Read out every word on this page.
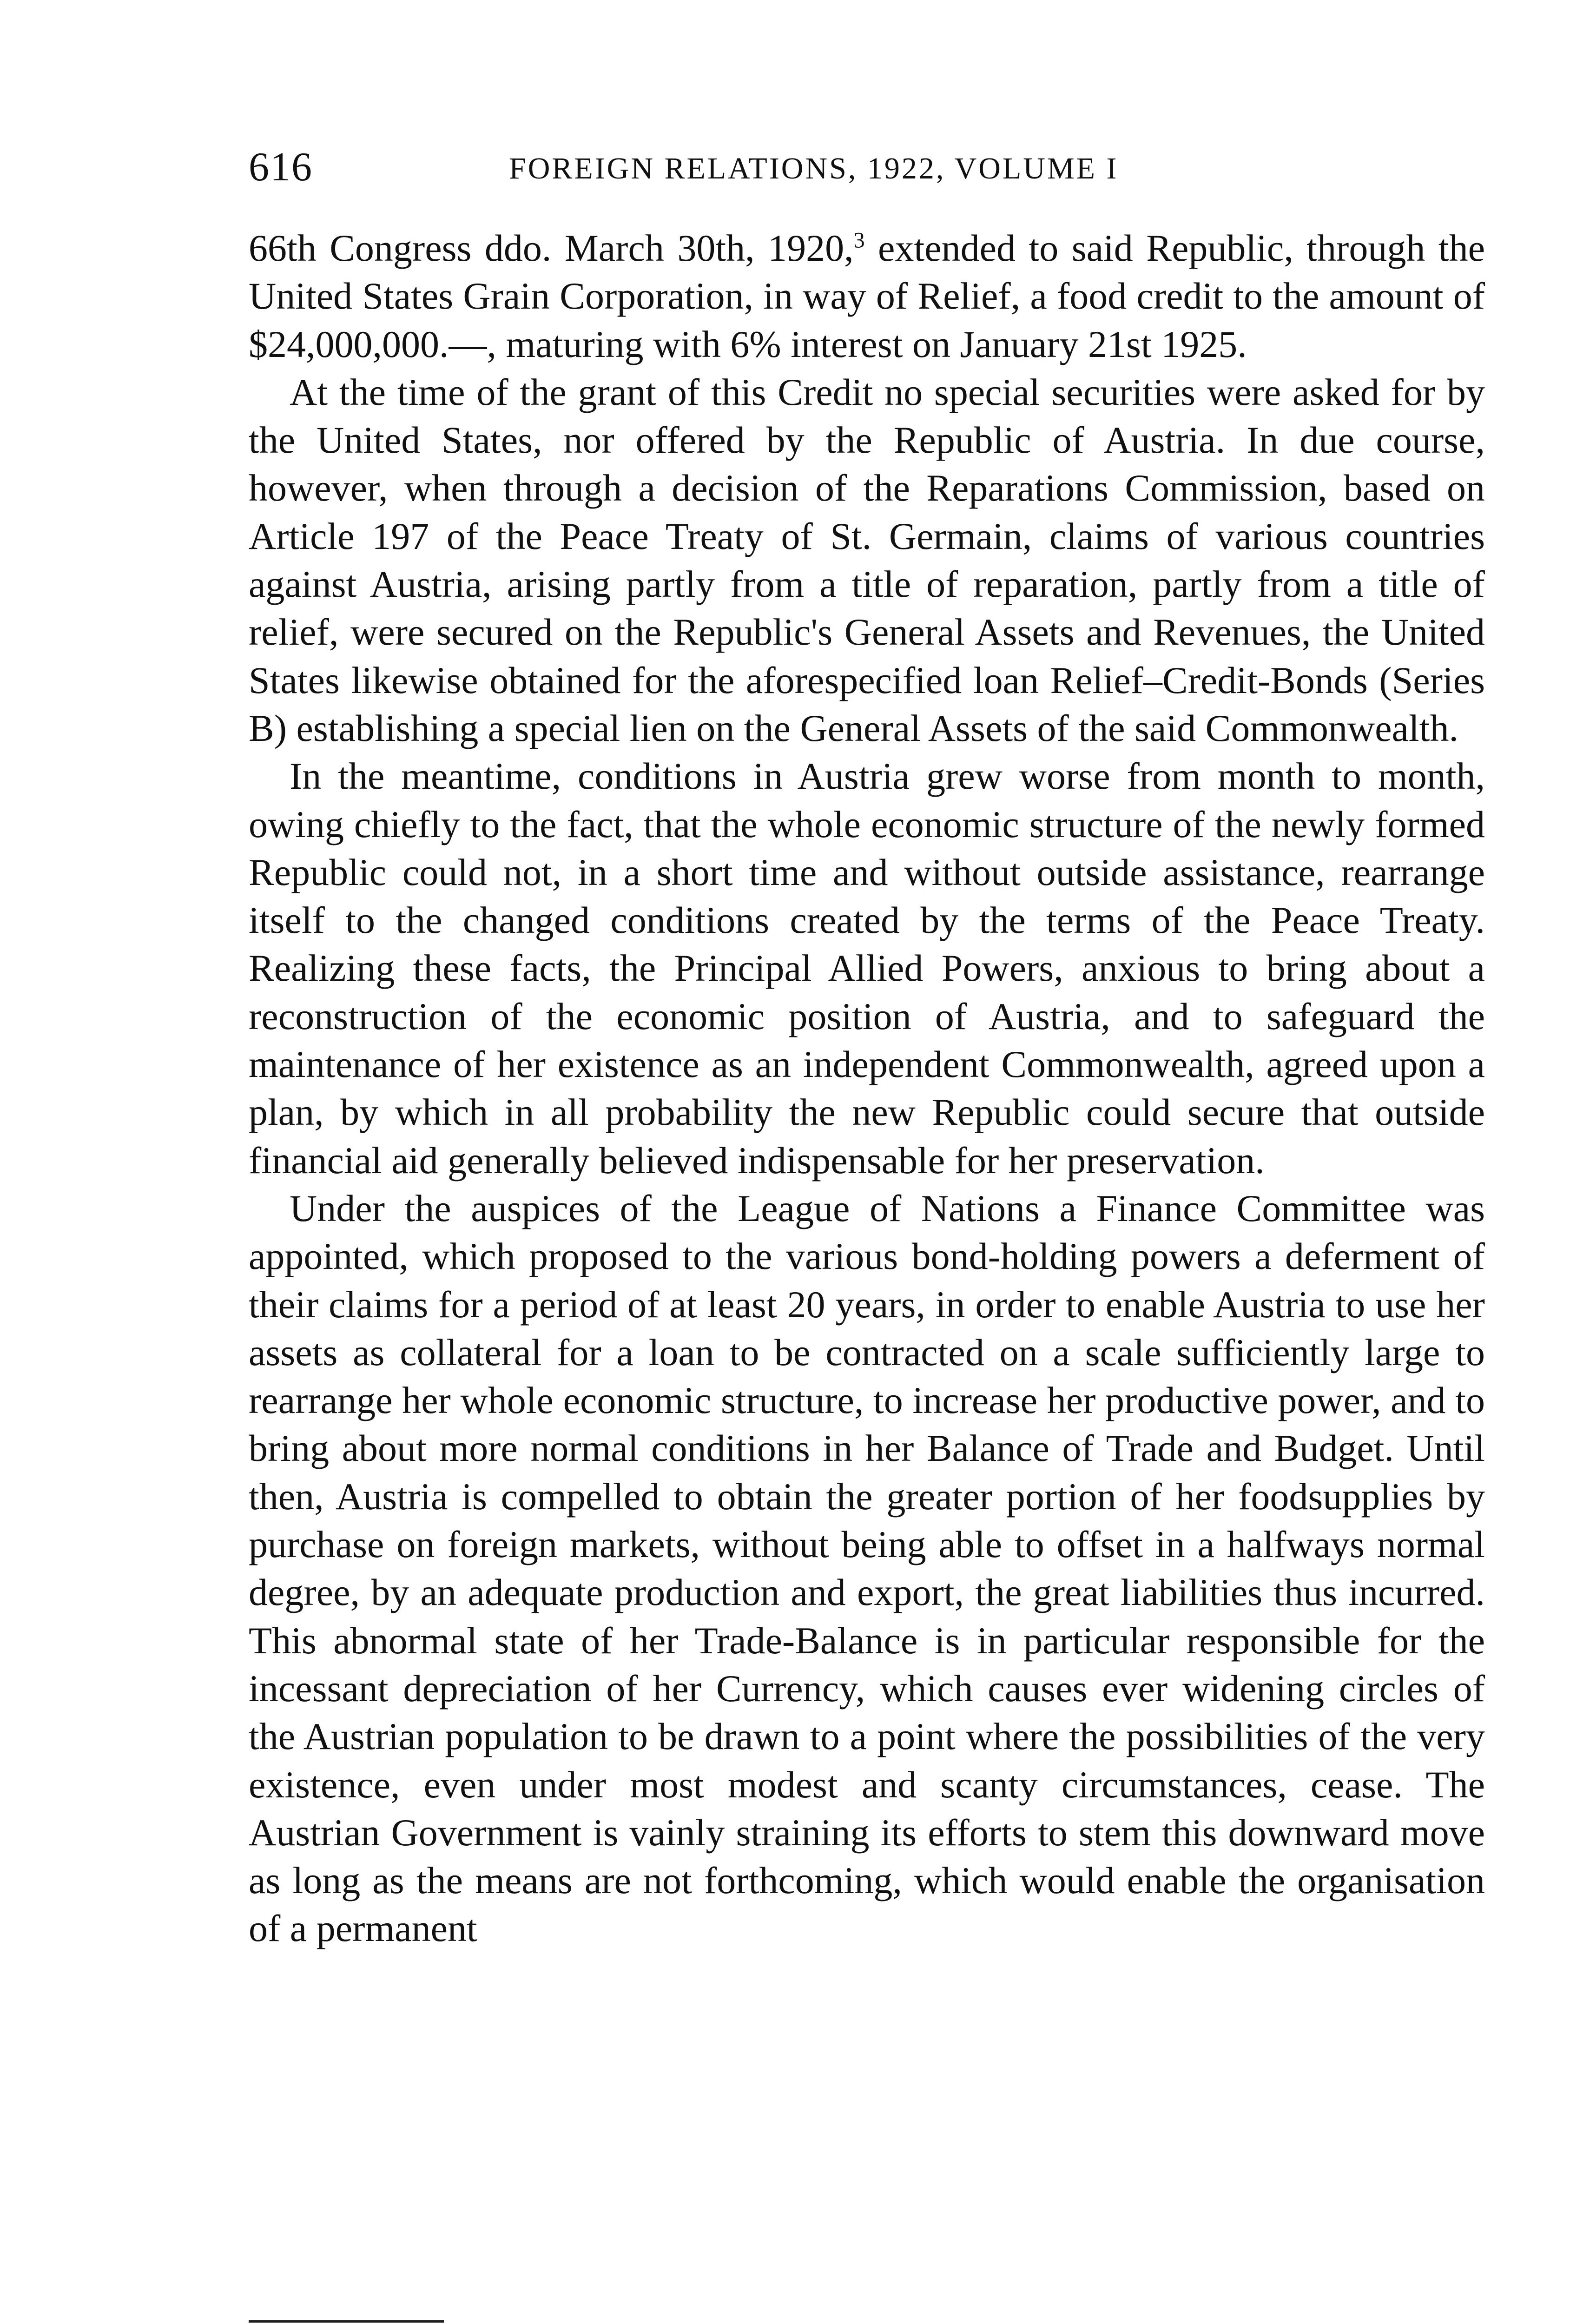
616	FOREIGN RELATIONS, 1922, VOLUME I

66th Congress ddo. March 30th, 1920,$^3$ extended to said Republic, through the United States Grain Corporation, in way of Relief, a food credit to the amount of $24,000,000.—, maturing with 6% interest on January 21st 1925.

At the time of the grant of this Credit no special securities were asked for by the United States, nor offered by the Republic of Austria. In due course, however, when through a decision of the Reparations Commission, based on Article 197 of the Peace Treaty of St. Germain, claims of various countries against Austria, arising partly from a title of reparation, partly from a title of relief, were secured on the Republic's General Assets and Revenues, the United States likewise obtained for the aforespecified loan Relief–Credit-Bonds (Series B) establishing a special lien on the General Assets of the said Commonwealth.

In the meantime, conditions in Austria grew worse from month to month, owing chiefly to the fact, that the whole economic structure of the newly formed Republic could not, in a short time and without outside assistance, rearrange itself to the changed conditions created by the terms of the Peace Treaty. Realizing these facts, the Principal Allied Powers, anxious to bring about a reconstruction of the economic position of Austria, and to safeguard the maintenance of her existence as an independent Commonwealth, agreed upon a plan, by which in all probability the new Republic could secure that outside financial aid generally believed indispensable for her preservation.

Under the auspices of the League of Nations a Finance Committee was appointed, which proposed to the various bond-holding powers a deferment of their claims for a period of at least 20 years, in order to enable Austria to use her assets as collateral for a loan to be contracted on a scale sufficiently large to rearrange her whole economic structure, to increase her productive power, and to bring about more normal conditions in her Balance of Trade and Budget. Until then, Austria is compelled to obtain the greater portion of her foodsupplies by purchase on foreign markets, without being able to offset in a halfways normal degree, by an adequate production and export, the great liabilities thus incurred. This abnormal state of her Trade-Balance is in particular responsible for the incessant depreciation of her Currency, which causes ever widening circles of the Austrian population to be drawn to a point where the possibilities of the very existence, even under most modest and scanty circumstances, cease. The Austrian Government is vainly straining its efforts to stem this downward move as long as the means are not forthcoming, which would enable the organisation of a permanent
